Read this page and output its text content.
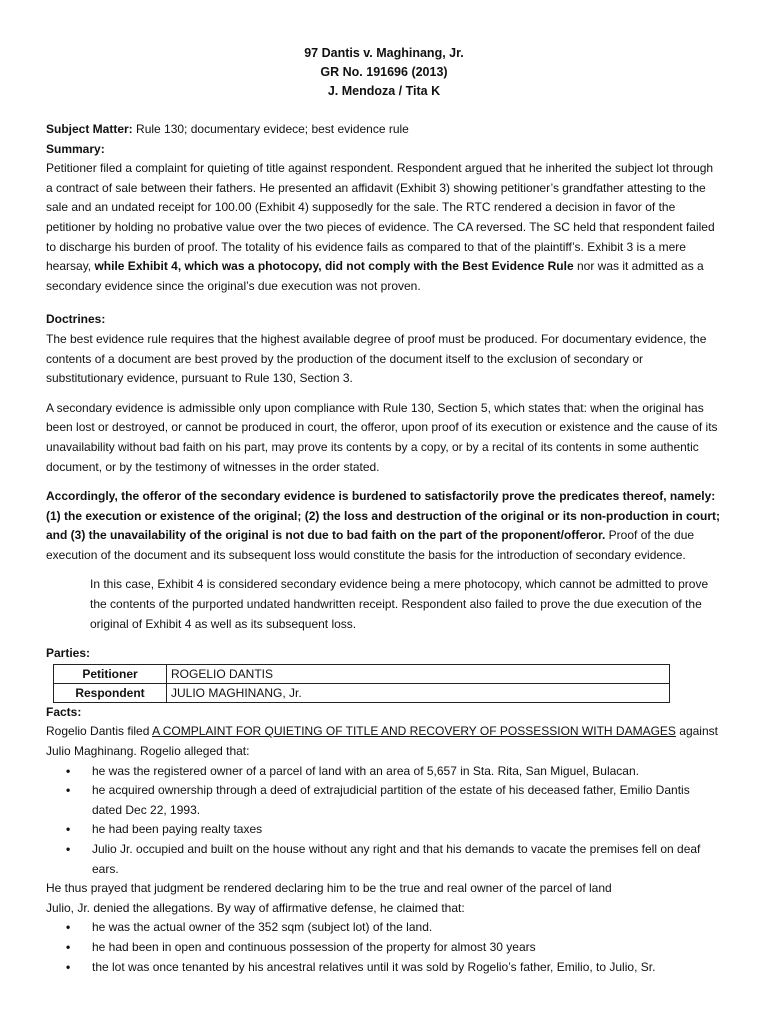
97 Dantis v. Maghinang, Jr.
GR No. 191696 (2013)
J. Mendoza / Tita K

Subject Matter: Rule 130; documentary evidece; best evidence rule

Summary:

Petitioner filed a complaint for quieting of title against respondent. Respondent argued that he inherited the subject lot through a contract of sale between their fathers. He presented an affidavit (Exhibit 3) showing petitioner’s grandfather attesting to the sale and an undated receipt for 100.00 (Exhibit 4) supposedly for the sale. The RTC rendered a decision in favor of the petitioner by holding no probative value over the two pieces of evidence. The CA reversed. The SC held that respondent failed to discharge his burden of proof. The totality of his evidence fails as compared to that of the plaintiff’s. Exhibit 3 is a mere hearsay, while Exhibit 4, which was a photocopy, did not comply with the Best Evidence Rule nor was it admitted as a secondary evidence since the original’s due execution was not proven.

Doctrines:

The best evidence rule requires that the highest available degree of proof must be produced. For documentary evidence, the contents of a document are best proved by the production of the document itself to the exclusion of secondary or substitutionary evidence, pursuant to Rule 130, Section 3.

A secondary evidence is admissible only upon compliance with Rule 130, Section 5, which states that: when the original has been lost or destroyed, or cannot be produced in court, the offeror, upon proof of its execution or existence and the cause of its unavailability without bad faith on his part, may prove its contents by a copy, or by a recital of its contents in some authentic document, or by the testimony of witnesses in the order stated.

Accordingly, the offeror of the secondary evidence is burdened to satisfactorily prove the predicates thereof, namely: (1) the execution or existence of the original; (2) the loss and destruction of the original or its non-production in court; and (3) the unavailability of the original is not due to bad faith on the part of the proponent/offeror. Proof of the due execution of the document and its subsequent loss would constitute the basis for the introduction of secondary evidence.

In this case, Exhibit 4 is considered secondary evidence being a mere photocopy, which cannot be admitted to prove the contents of the purported undated handwritten receipt. Respondent also failed to prove the due execution of the original of Exhibit 4 as well as its subsequent loss.

Parties:

Petitioner	ROGELIO DANTIS
Respondent	JULIO MAGHINANG, Jr.

Facts:

Rogelio Dantis filed A COMPLAINT FOR QUIETING OF TITLE AND RECOVERY OF POSSESSION WITH DAMAGES against Julio Maghinang. Rogelio alleged that:

• he was the registered owner of a parcel of land with an area of 5,657 in Sta. Rita, San Miguel, Bulacan.
• he acquired ownership through a deed of extrajudicial partition of the estate of his deceased father, Emilio Dantis dated Dec 22, 1993.
• he had been paying realty taxes
• Julio Jr. occupied and built on the house without any right and that his demands to vacate the premises fell on deaf ears.

He thus prayed that judgment be rendered declaring him to be the true and real owner of the parcel of land

Julio, Jr. denied the allegations. By way of affirmative defense, he claimed that:

• he was the actual owner of the 352 sqm (subject lot) of the land.
• he had been in open and continuous possession of the property for almost 30 years
• the lot was once tenanted by his ancestral relatives until it was sold by Rogelio’s father, Emilio, to Julio, Sr.
